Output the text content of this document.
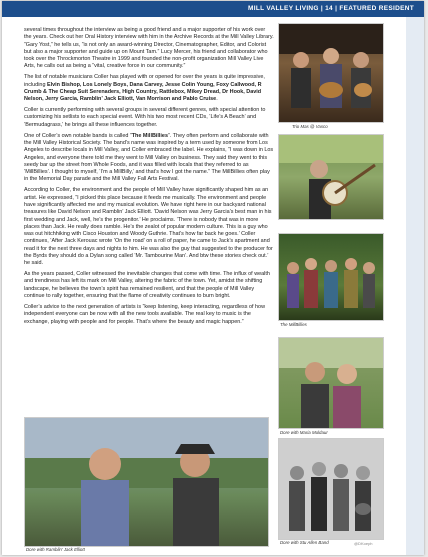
MILL VALLEY LIVING | 14 | FEATURED RESIDENT

several times throughout the interview as being a good friend and a major supporter of his work over the years. Check out her Oral History interview with him in the Archive Records at the Mill Valley Library. “Gary Yost,” he tells us, “is not only an award-winning Director, Cinematographer, Editor, and Colorist but also a major supporter and guide up on Mount Tam.” Lucy Mercer, his friend and collaborator who took over the Throckmorton Theatre in 1999 and founded the non-profit organization Mill Valley Live Arts, he calls out as being a “vital, creative force in our community.”

The list of notable musicians Coller has played with or opened for over the years is quite impressive, including Elvin Bishop, Los Lonely Boys, Dana Carvey, Jesse Colin Young, Foxy Callwood, R Crumb & The Cheap Suit Serenaders, High Country, Rattlebox, Mikey Dread, Dr Hook, David Nelson, Jerry Garcia, Ramblin’ Jack Elliott, Van Morrison and Pablo Cruise.

Coller is currently performing with several groups in several different genres, with special attention to customizing his setlists to each special event. With his two most recent CDs, ‘Life’s A Beach’ and ‘Bermudagrass,’ he brings all these influences together.

One of Coller’s own notable bands is called “The MillBillies”. They often perform and collaborate with the Mill Valley Historical Society. The band’s name was inspired by a term used by someone from Los Angeles to describe locals in Mill Valley, and Coller embraced the label. He explains, “I was down in Los Angeles, and everyone there told me they went to Mill Valley on business. They said they went to this seedy bar up the street from Whole Foods, and it was filled with locals that they referred to as ‘MillBillies’. I thought to myself, ‘I’m a MillBilly,’ and that’s how I got the name.” The MillBillies often play in the Memorial Day parade and the Mill Valley Fall Arts Festival.

According to Coller, the environment and the people of Mill Valley have significantly shaped him as an artist. He expressed, “I picked this place because it feeds me musically. The environment and people have significantly affected me and my musical evolution. We have right here in our backyard national treasures like David Nelson and Ramblin’ Jack Elliott. ‘David Nelson was Jerry Garcia’s best man in his first wedding and Jack, well, he’s the progenitor.’ He proclaims. ‘There is nobody that was in more places than Jack. He really does ramble. He’s the zealot of popular modern culture. This is a guy who was out hitchhiking with Cisco Houston and Woody Guthrie. That’s how far back he goes.’ Coller continues, ‘After Jack Kerouac wrote ‘On the road’ on a roll of paper, he came to Jack’s apartment and read it for the next three days and nights to him. He was also the guy that suggested to the producer for the Byrds they should do a Dylan song called ‘Mr. Tambourine Man’. And btw these stories check out.’ he said.

As the years passed, Coller witnessed the inevitable changes that come with time. The influx of wealth and trendiness has left its mark on Mill Valley, altering the fabric of the town. Yet, amidst the shifting landscape, he believes the town’s spirit has remained resilient, and that the people of Mill Valley continue to rally together, ensuring that the flame of creativity continues to burn bright.

Coller’s advice to the next generation of artists is “keep listening, keep interacting, regardless of how independent everyone can be now with all the new tools available. The real key to music is the exchange, playing with people and for people. That’s where the beauty and magic happen.”

Trio Mas @ Vasco
The MillBillies
Dore with Maria Muldaur
Dore with Ramblin’ Jack Elliott
Dore with Stu Allen Band	@DKoeph
